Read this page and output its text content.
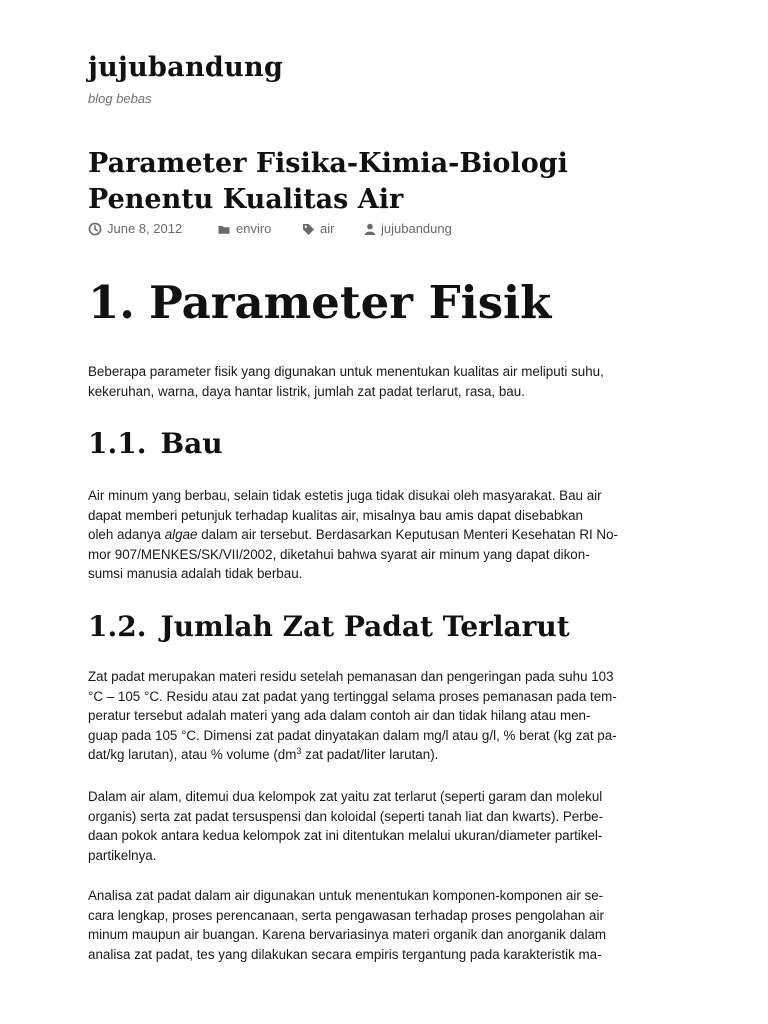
jujubandung
blog bebas
Parameter Fisika-Kimia-Biologi
Penentu Kualitas Air
June 8, 2012	enviro	air	jujubandung
1. Parameter Fisik

Beberapa parameter fisik yang digunakan untuk menentukan kualitas air meliputi suhu,
kekeruhan, warna, daya hantar listrik, jumlah zat padat terlarut, rasa, bau.

1.1. Bau

Air minum yang berbau, selain tidak estetis juga tidak disukai oleh masyarakat. Bau air
dapat memberi petunjuk terhadap kualitas air, misalnya bau amis dapat disebabkan
oleh adanya algae dalam air tersebut. Berdasarkan Keputusan Menteri Kesehatan RI No-
mor 907/MENKES/SK/VII/2002, diketahui bahwa syarat air minum yang dapat dikon-
sumsi manusia adalah tidak berbau.

1.2. Jumlah Zat Padat Terlarut

Zat padat merupakan materi residu setelah pemanasan dan pengeringan pada suhu 103
°C – 105 °C. Residu atau zat padat yang tertinggal selama proses pemanasan pada tem-
peratur tersebut adalah materi yang ada dalam contoh air dan tidak hilang atau men-
guap pada 105 °C. Dimensi zat padat dinyatakan dalam mg/l atau g/l, % berat (kg zat pa-
dat/kg larutan), atau % volume ($dm^3$ zat padat/liter larutan).

Dalam air alam, ditemui dua kelompok zat yaitu zat terlarut (seperti garam dan molekul
organis) serta zat padat tersuspensi dan koloidal (seperti tanah liat dan kwarts). Perbe-
daan pokok antara kedua kelompok zat ini ditentukan melalui ukuran/diameter partikel-
partikelnya.

Analisa zat padat dalam air digunakan untuk menentukan komponen-komponen air se-
cara lengkap, proses perencanaan, serta pengawasan terhadap proses pengolahan air
minum maupun air buangan. Karena bervariasinya materi organik dan anorganik dalam
analisa zat padat, tes yang dilakukan secara empiris tergantung pada karakteristik ma-
